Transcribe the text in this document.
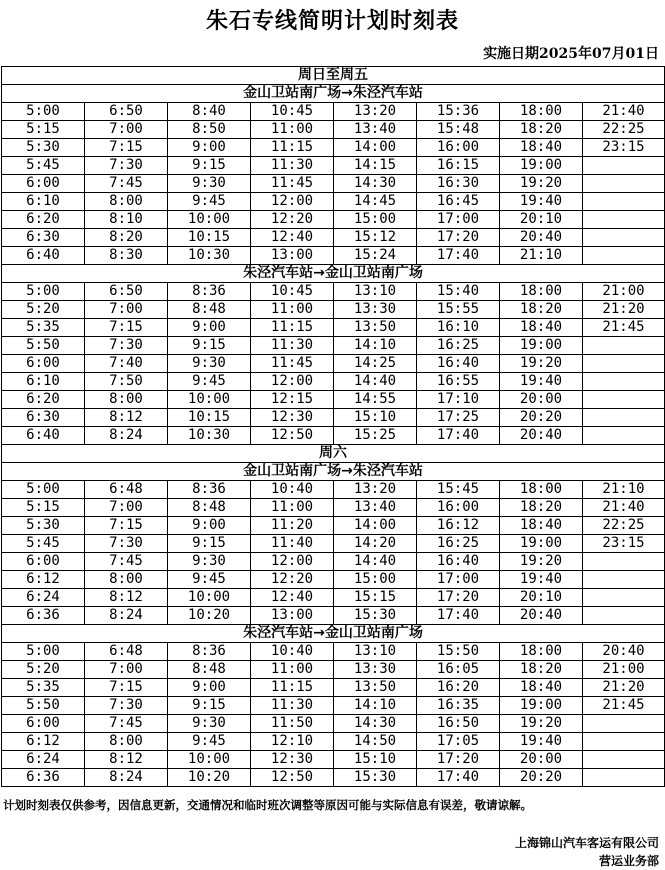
朱石专线简明计划时刻表
实施日期2025年07月01日
周日至周五							
金山卫站南广场→朱泾汽车站							
5:00	6:50	8:40	10:45	13:20	15:36	18:00	21:40
5:15	7:00	8:50	11:00	13:40	15:48	18:20	22:25
5:30	7:15	9:00	11:15	14:00	16:00	18:40	23:15
5:45	7:30	9:15	11:30	14:15	16:15	19:00	
6:00	7:45	9:30	11:45	14:30	16:30	19:20	
6:10	8:00	9:45	12:00	14:45	16:45	19:40	
6:20	8:10	10:00	12:20	15:00	17:00	20:10	
6:30	8:20	10:15	12:40	15:12	17:20	20:40	
6:40	8:30	10:30	13:00	15:24	17:40	21:10	
朱泾汽车站→金山卫站南广场							
5:00	6:50	8:36	10:45	13:10	15:40	18:00	21:00
5:20	7:00	8:48	11:00	13:30	15:55	18:20	21:20
5:35	7:15	9:00	11:15	13:50	16:10	18:40	21:45
5:50	7:30	9:15	11:30	14:10	16:25	19:00	
6:00	7:40	9:30	11:45	14:25	16:40	19:20	
6:10	7:50	9:45	12:00	14:40	16:55	19:40	
6:20	8:00	10:00	12:15	14:55	17:10	20:00	
6:30	8:12	10:15	12:30	15:10	17:25	20:20	
6:40	8:24	10:30	12:50	15:25	17:40	20:40	
周六							
金山卫站南广场→朱泾汽车站							
5:00	6:48	8:36	10:40	13:20	15:45	18:00	21:10
5:15	7:00	8:48	11:00	13:40	16:00	18:20	21:40
5:30	7:15	9:00	11:20	14:00	16:12	18:40	22:25
5:45	7:30	9:15	11:40	14:20	16:25	19:00	23:15
6:00	7:45	9:30	12:00	14:40	16:40	19:20	
6:12	8:00	9:45	12:20	15:00	17:00	19:40	
6:24	8:12	10:00	12:40	15:15	17:20	20:10	
6:36	8:24	10:20	13:00	15:30	17:40	20:40	
朱泾汽车站→金山卫站南广场							
5:00	6:48	8:36	10:40	13:10	15:50	18:00	20:40
5:20	7:00	8:48	11:00	13:30	16:05	18:20	21:00
5:35	7:15	9:00	11:15	13:50	16:20	18:40	21:20
5:50	7:30	9:15	11:30	14:10	16:35	19:00	21:45
6:00	7:45	9:30	11:50	14:30	16:50	19:20	
6:12	8:00	9:45	12:10	14:50	17:05	19:40	
6:24	8:12	10:00	12:30	15:10	17:20	20:00	
6:36	8:24	10:20	12:50	15:30	17:40	20:20	
计划时刻表仅供参考，因信息更新，交通情况和临时班次调整等原因可能与实际信息有误差，敬请谅解。
上海锦山汽车客运有限公司
营运业务部
